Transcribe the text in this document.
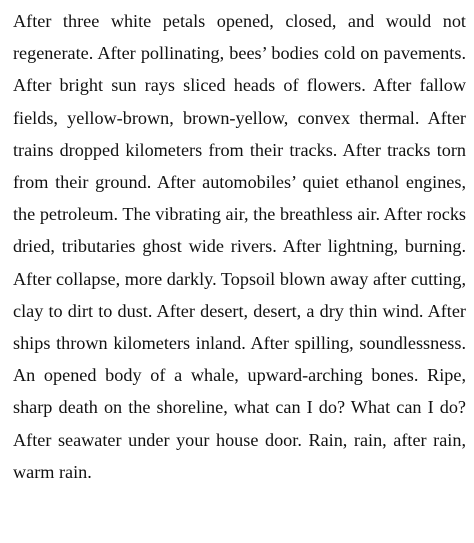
After three white petals opened, closed, and would not regenerate. After pollinating, bees’ bodies cold on pavements. After bright sun rays sliced heads of flowers. After fallow fields, yellow-brown, brown-yellow, convex thermal. After trains dropped kilometers from their tracks. After tracks torn from their ground. After automobiles’ quiet ethanol engines, the petroleum. The vibrating air, the breathless air. After rocks dried, tributaries ghost wide rivers. After lightning, burning. After collapse, more darkly. Topsoil blown away after cutting, clay to dirt to dust. After desert, desert, a dry thin wind. After ships thrown kilometers inland. After spilling, soundlessness. An opened body of a whale, upward-arching bones. Ripe, sharp death on the shoreline, what can I do? What can I do? After seawater under your house door. Rain, rain, after rain, warm rain.
